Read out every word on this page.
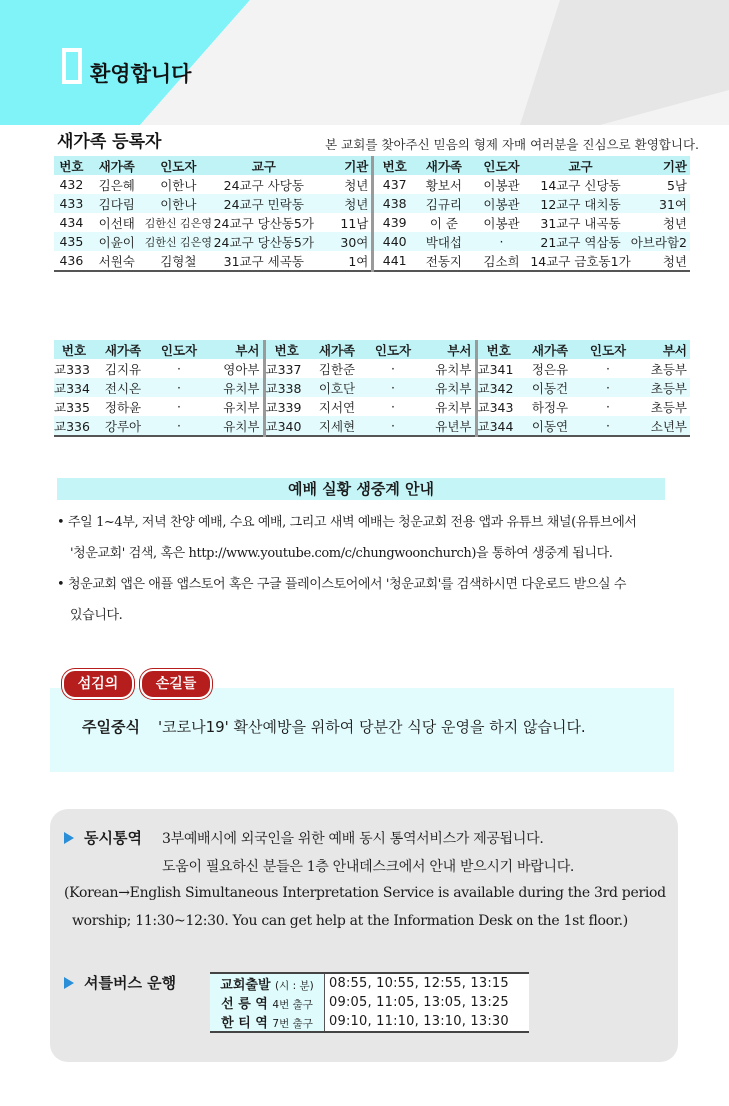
환영합니다
새가족 등록자	본 교회를 찾아주신 믿음의 형제 자매 여러분을 진심으로 환영합니다.
번호	새가족	인도자	교구	기관	번호	새가족	인도자	교구	기관
432	김은혜	이한나	24교구 사당동	청년	437	황보서	이봉관	14교구 신당동	5남
433	김다림	이한나	24교구 민락동	청년	438	김규리	이봉관	12교구 대치동	31여
434	이선태	김한신 김은영	24교구 당산동5가	11남	439	이 준	이봉관	31교구 내곡동	청년
435	이윤이	김한신 김은영	24교구 당산동5가	30여	440	박대섭	·	21교구 역삼동	아브라함2
436	서원숙	김형철	31교구 세곡동	1여	441	전동지	김소희	14교구 금호동1가	청년
번호	새가족	인도자	부서	번호	새가족	인도자	부서	번호	새가족	인도자	부서
교333	김지유	·	영아부	교337	김한준	·	유치부	교341	정은유	·	초등부
교334	전시온	·	유치부	교338	이호단	·	유치부	교342	이동건	·	초등부
교335	정하윤	·	유치부	교339	지서연	·	유치부	교343	하정우	·	초등부
교336	강루아	·	유치부	교340	지세현	·	유년부	교344	이동연	·	소년부
예배 실황 생중계 안내
• 주일 1~4부, 저녁 찬양 예배, 수요 예배, 그리고 새벽 예배는 청운교회 전용 앱과 유튜브 채널(유튜브에서
'청운교회' 검색, 혹은 http://www.youtube.com/c/chungwoonchurch)을 통하여 생중계 됩니다.
• 청운교회 앱은 애플 앱스토어 혹은 구글 플레이스토어에서 '청운교회'를 검색하시면 다운로드 받으실 수
있습니다.
섬김의	손길들
주일중식 '코로나19' 확산예방을 위하여 당분간 식당 운영을 하지 않습니다.
동시통역 3부예배시에 외국인을 위한 예배 동시 통역서비스가 제공됩니다.
도움이 필요하신 분들은 1층 안내데스크에서 안내 받으시기 바랍니다.
(Korean→English Simultaneous Interpretation Service is available during the 3rd period
worship; 11:30~12:30. You can get help at the Information Desk on the 1st floor.)
셔틀버스 운행	교회출발 (시 : 분)	08:55, 10:55, 12:55, 13:15
선 릉 역 4번 출구	09:05, 11:05, 13:05, 13:25
한 티 역 7번 출구	09:10, 11:10, 13:10, 13:30
